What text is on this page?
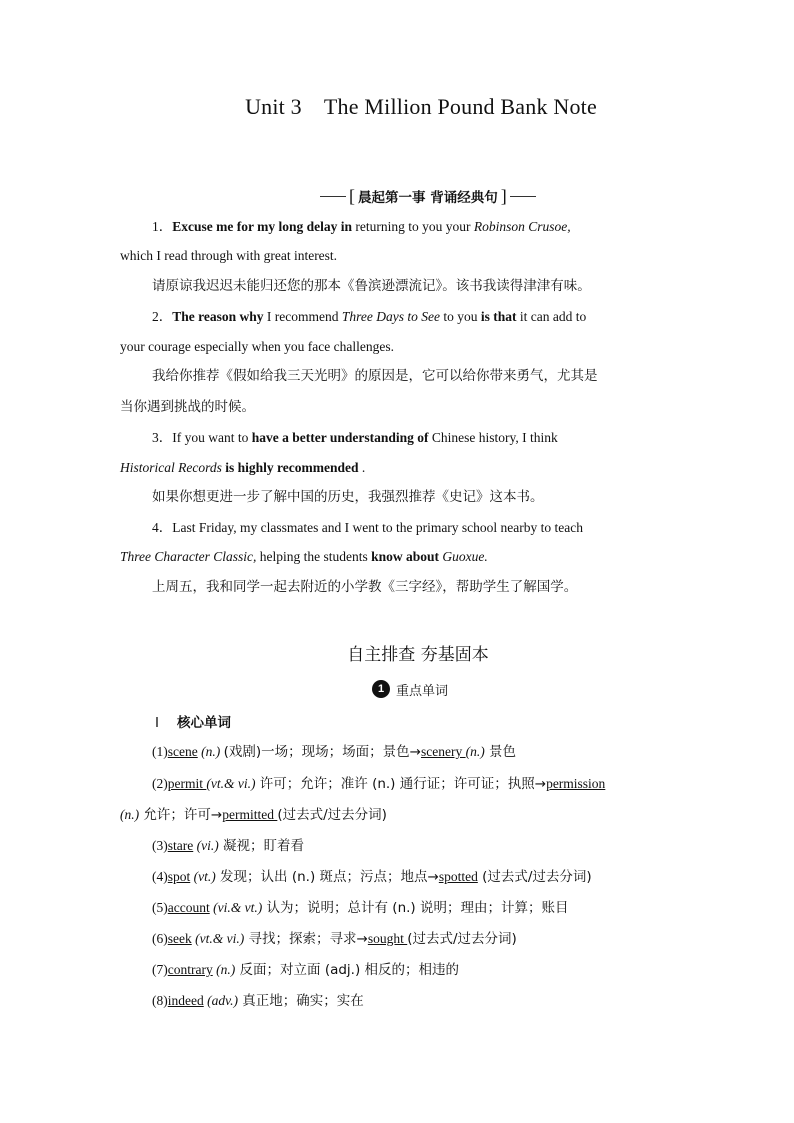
Unit 3 The Million Pound Bank Note
[ 晨起第一事 背诵经典句 ]
1．Excuse me for my long delay in returning to you your Robinson Crusoe,
which I read through with great interest.
请原谅我迟迟未能归还您的那本《鲁滨逊漂流记》。该书我读得津津有味。
2．The reason why I recommend Three Days to See to you is that it can add to
your courage especially when you face challenges.
我给你推荐《假如给我三天光明》的原因是，它可以给你带来勇气，尤其是
当你遇到挑战的时候。
3．If you want to have a better understanding of Chinese history, I think
Historical Records is highly recommended .
如果你想更进一步了解中国的历史，我强烈推荐《史记》这本书。
4．Last Friday, my classmates and I went to the primary school nearby to teach
Three Character Classic, helping the students know about Guoxue.
上周五，我和同学一起去附近的小学教《三字经》，帮助学生了解国学。
自主排查 夯基固本
1 重点单词
Ⅰ 核心单词
(1)scene (n.) (戏剧)一场；现场；场面；景色→scenery (n.) 景色
(2)permit (vt.& vi.) 许可；允许；准许 (n.) 通行证；许可证；执照→permission
(n.) 允许；许可→permitted (过去式/过去分词)
(3)stare (vi.) 凝视；盯着看
(4)spot (vt.) 发现；认出 (n.) 斑点；污点；地点→spotted (过去式/过去分词)
(5)account (vi.& vt.) 认为；说明；总计有 (n.) 说明；理由；计算；账目
(6)seek (vt.& vi.) 寻找；探索；寻求→sought (过去式/过去分词)
(7)contrary (n.) 反面；对立面 (adj.) 相反的；相违的
(8)indeed (adv.) 真正地；确实；实在
